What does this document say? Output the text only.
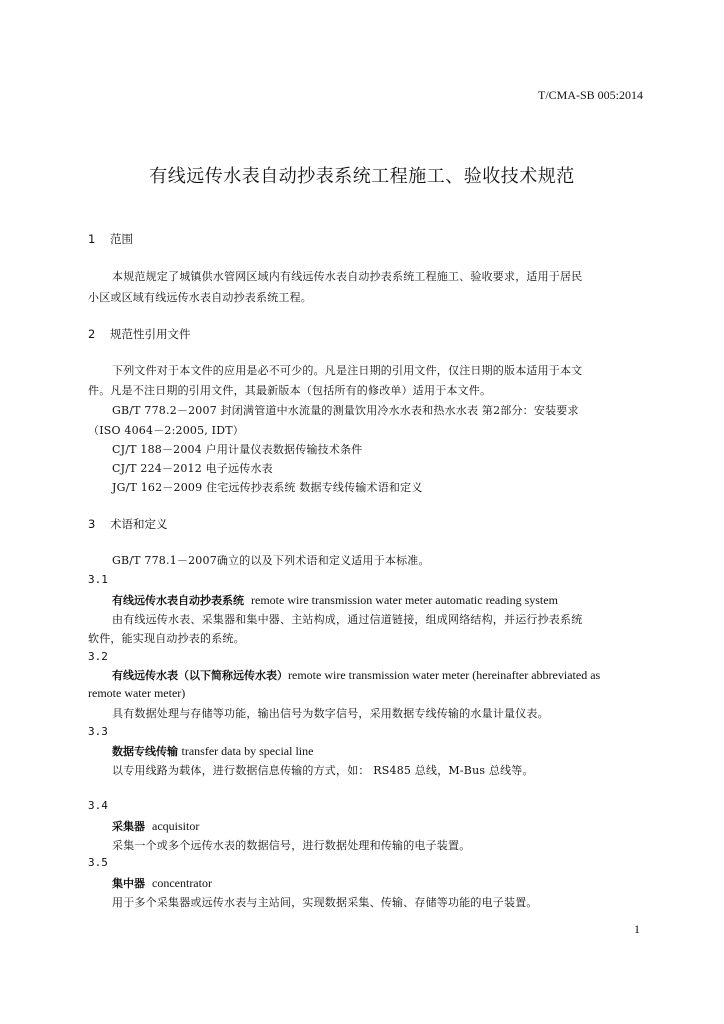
T/CMA-SB 005:2014
有线远传水表自动抄表系统工程施工、验收技术规范
1 范围
本规范规定了城镇供水管网区域内有线远传水表自动抄表系统工程施工、验收要求，适用于居民
小区或区域有线远传水表自动抄表系统工程。
2 规范性引用文件
下列文件对于本文件的应用是必不可少的。凡是注日期的引用文件，仅注日期的版本适用于本文
件。凡是不注日期的引用文件，其最新版本（包括所有的修改单）适用于本文件。
GB/T 778.2－2007 封闭满管道中水流量的测量饮用冷水水表和热水水表 第2部分：安装要求
（ISO 4064－2:2005, IDT）
CJ/T 188－2004 户用计量仪表数据传输技术条件
CJ/T 224－2012 电子远传水表
JG/T 162－2009 住宅远传抄表系统 数据专线传输术语和定义
3 术语和定义
GB/T 778.1－2007确立的以及下列术语和定义适用于本标准。
3.1
有线远传水表自动抄表系统 remote wire transmission water meter automatic reading system
由有线远传水表、采集器和集中器、主站构成，通过信道链接，组成网络结构，并运行抄表系统
软件，能实现自动抄表的系统。
3.2
有线远传水表（以下简称远传水表）remote wire transmission water meter (hereinafter abbreviated as
remote water meter)
具有数据处理与存储等功能，输出信号为数字信号，采用数据专线传输的水量计量仪表。
3.3
数据专线传输 transfer data by special line
以专用线路为载体，进行数据信息传输的方式，如： RS485 总线，M-Bus 总线等。
3.4
采集器 acquisitor
采集一个或多个远传水表的数据信号，进行数据处理和传输的电子装置。
3.5
集中器 concentrator
用于多个采集器或远传水表与主站间，实现数据采集、传输、存储等功能的电子装置。
1
